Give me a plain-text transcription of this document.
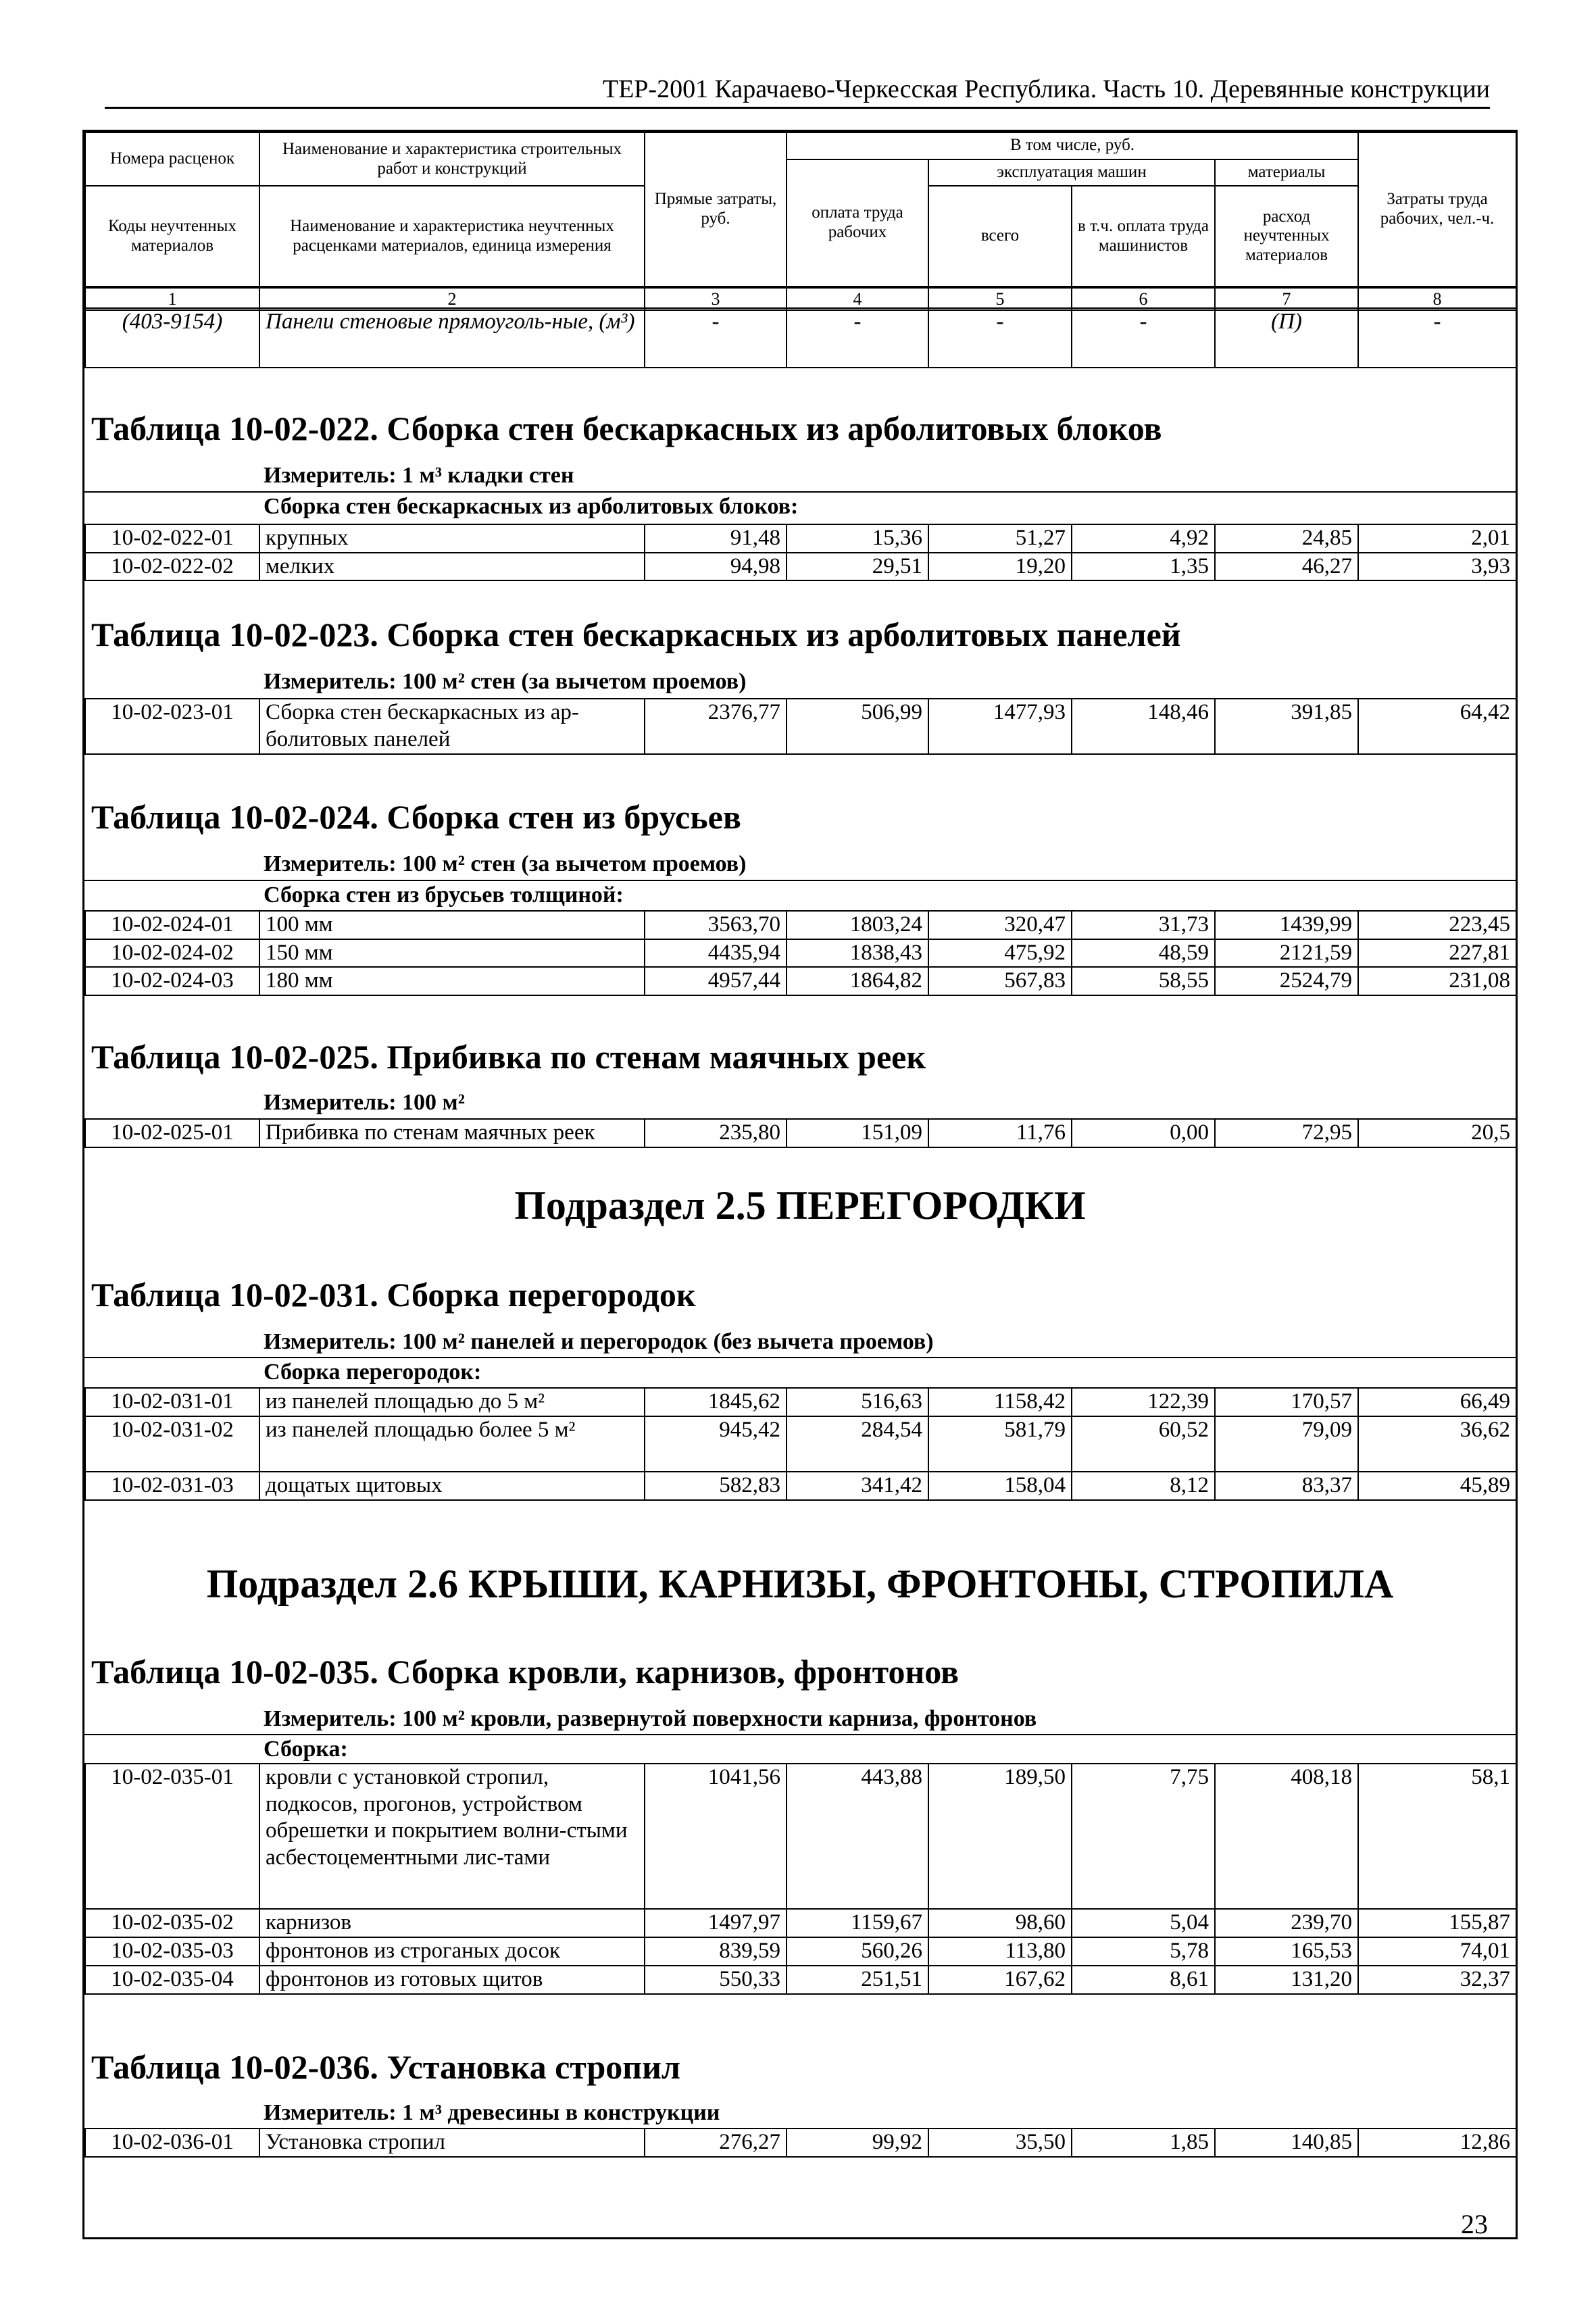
ТЕР-2001 Карачаево-Черкесская Республика. Часть 10. Деревянные конструкции
Номера расценок	Наименование и характеристика строительных работ и конструкций	Прямые затраты, руб.	В том числе, руб.				Затраты труда рабочих, чел.-ч.
			оплата труда рабочих	эксплуатация машин		материалы	
Коды неучтенных материалов	Наименование и характеристика неучтенных расценками материалов, единица измерения			всего	в т.ч. оплата труда машинистов	расход неучтенных материалов	

1	2	3	4	5	6	7	8
(403-9154)	Панели стеновые прямоуголь-ные, (м³)	-	-	-	-	(П)	-
Таблица 10-02-022. Сборка стен бескаркасных из арболитовых блоков
Измеритель: 1 м³ кладки стен
Сборка стен бескаркасных из арболитовых блоков:
10-02-022-01	крупных	91,48	15,36	51,27	4,92	24,85	2,01
10-02-022-02	мелких	94,98	29,51	19,20	1,35	46,27	3,93
Таблица 10-02-023. Сборка стен бескаркасных из арболитовых панелей
Измеритель: 100 м² стен (за вычетом проемов)
10-02-023-01	Сборка стен бескаркасных из ар-болитовых панелей	2376,77	506,99	1477,93	148,46	391,85	64,42
Таблица 10-02-024. Сборка стен из брусьев
Измеритель: 100 м² стен (за вычетом проемов)
Сборка стен из брусьев толщиной:
10-02-024-01	100 мм	3563,70	1803,24	320,47	31,73	1439,99	223,45
10-02-024-02	150 мм	4435,94	1838,43	475,92	48,59	2121,59	227,81
10-02-024-03	180 мм	4957,44	1864,82	567,83	58,55	2524,79	231,08
Таблица 10-02-025. Прибивка по стенам маячных реек
Измеритель: 100 м²
10-02-025-01	Прибивка по стенам маячных реек	235,80	151,09	11,76	0,00	72,95	20,5
Подраздел 2.5 ПЕРЕГОРОДКИ
Таблица 10-02-031. Сборка перегородок
Измеритель: 100 м² панелей и перегородок (без вычета проемов)
Сборка перегородок:
10-02-031-01	из панелей площадью до 5 м²	1845,62	516,63	1158,42	122,39	170,57	66,49
10-02-031-02	из панелей площадью более 5 м²	945,42	284,54	581,79	60,52	79,09	36,62
10-02-031-03	дощатых щитовых	582,83	341,42	158,04	8,12	83,37	45,89
Подраздел 2.6 КРЫШИ, КАРНИЗЫ, ФРОНТОНЫ, СТРОПИЛА
Таблица 10-02-035. Сборка кровли, карнизов, фронтонов
Измеритель: 100 м² кровли, развернутой поверхности карниза, фронтонов
Сборка:
10-02-035-01	кровли с установкой стропил, подкосов, прогонов, устройством обрешетки и покрытием волни-стыми асбестоцементными лис-тами	1041,56	443,88	189,50	7,75	408,18	58,1
10-02-035-02	карнизов	1497,97	1159,67	98,60	5,04	239,70	155,87
10-02-035-03	фронтонов из строганых досок	839,59	560,26	113,80	5,78	165,53	74,01
10-02-035-04	фронтонов из готовых щитов	550,33	251,51	167,62	8,61	131,20	32,37
Таблица 10-02-036. Установка стропил
Измеритель: 1 м³ древесины в конструкции
10-02-036-01	Установка стропил	276,27	99,92	35,50	1,85	140,85	12,86
23
